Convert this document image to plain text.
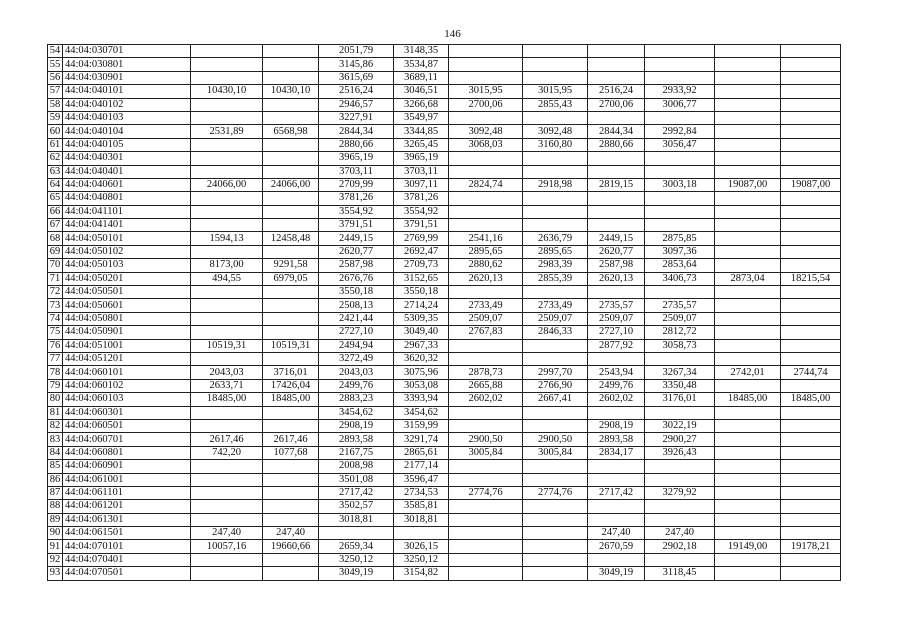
146
54	44:04:030701			2051,79	3148,35						
55	44:04:030801			3145,86	3534,87						
56	44:04:030901			3615,69	3689,11						
57	44:04:040101	10430,10	10430,10	2516,24	3046,51	3015,95	3015,95	2516,24	2933,92		
58	44:04:040102			2946,57	3266,68	2700,06	2855,43	2700,06	3006,77		
59	44:04:040103			3227,91	3549,97						
60	44:04:040104	2531,89	6568,98	2844,34	3344,85	3092,48	3092,48	2844,34	2992,84		
61	44:04:040105			2880,66	3265,45	3068,03	3160,80	2880,66	3056,47		
62	44:04:040301			3965,19	3965,19						
63	44:04:040401			3703,11	3703,11						
64	44:04:040601	24066,00	24066,00	2709,99	3097,11	2824,74	2918,98	2819,15	3003,18	19087,00	19087,00
65	44:04:040801			3781,26	3781,26						
66	44:04:041101			3554,92	3554,92						
67	44:04:041401			3791,51	3791,51						
68	44:04:050101	1594,13	12458,48	2449,15	2769,99	2541,16	2636,79	2449,15	2875,85		
69	44:04:050102			2620,77	2692,47	2895,65	2895,65	2620,77	3097,36		
70	44:04:050103	8173,00	9291,58	2587,98	2709,73	2880,62	2983,39	2587,98	2853,64		
71	44:04:050201	494,55	6979,05	2676,76	3152,65	2620,13	2855,39	2620,13	3406,73	2873,04	18215,54
72	44:04:050501			3550,18	3550,18						
73	44:04:050601			2508,13	2714,24	2733,49	2733,49	2735,57	2735,57		
74	44:04:050801			2421,44	5309,35	2509,07	2509,07	2509,07	2509,07		
75	44:04:050901			2727,10	3049,40	2767,83	2846,33	2727,10	2812,72		
76	44:04:051001	10519,31	10519,31	2494,94	2967,33			2877,92	3058,73		
77	44:04:051201			3272,49	3620,32						
78	44:04:060101	2043,03	3716,01	2043,03	3075,96	2878,73	2997,70	2543,94	3267,34	2742,01	2744,74
79	44:04:060102	2633,71	17426,04	2499,76	3053,08	2665,88	2766,90	2499,76	3350,48		
80	44:04:060103	18485,00	18485,00	2883,23	3393,94	2602,02	2667,41	2602,02	3176,01	18485,00	18485,00
81	44:04:060301			3454,62	3454,62						
82	44:04:060501			2908,19	3159,99			2908,19	3022,19		
83	44:04:060701	2617,46	2617,46	2893,58	3291,74	2900,50	2900,50	2893,58	2900,27		
84	44:04:060801	742,20	1077,68	2167,75	2865,61	3005,84	3005,84	2834,17	3926,43		
85	44:04:060901			2008,98	2177,14						
86	44:04:061001			3501,08	3596,47						
87	44:04:061101			2717,42	2734,53	2774,76	2774,76	2717,42	3279,92		
88	44:04:061201			3502,57	3585,81						
89	44:04:061301			3018,81	3018,81						
90	44:04:061501	247,40	247,40					247,40	247,40		
91	44:04:070101	10057,16	19660,66	2659,34	3026,15			2670,59	2902,18	19149,00	19178,21
92	44:04:070401			3250,12	3250,12						
93	44:04:070501			3049,19	3154,82			3049,19	3118,45		
